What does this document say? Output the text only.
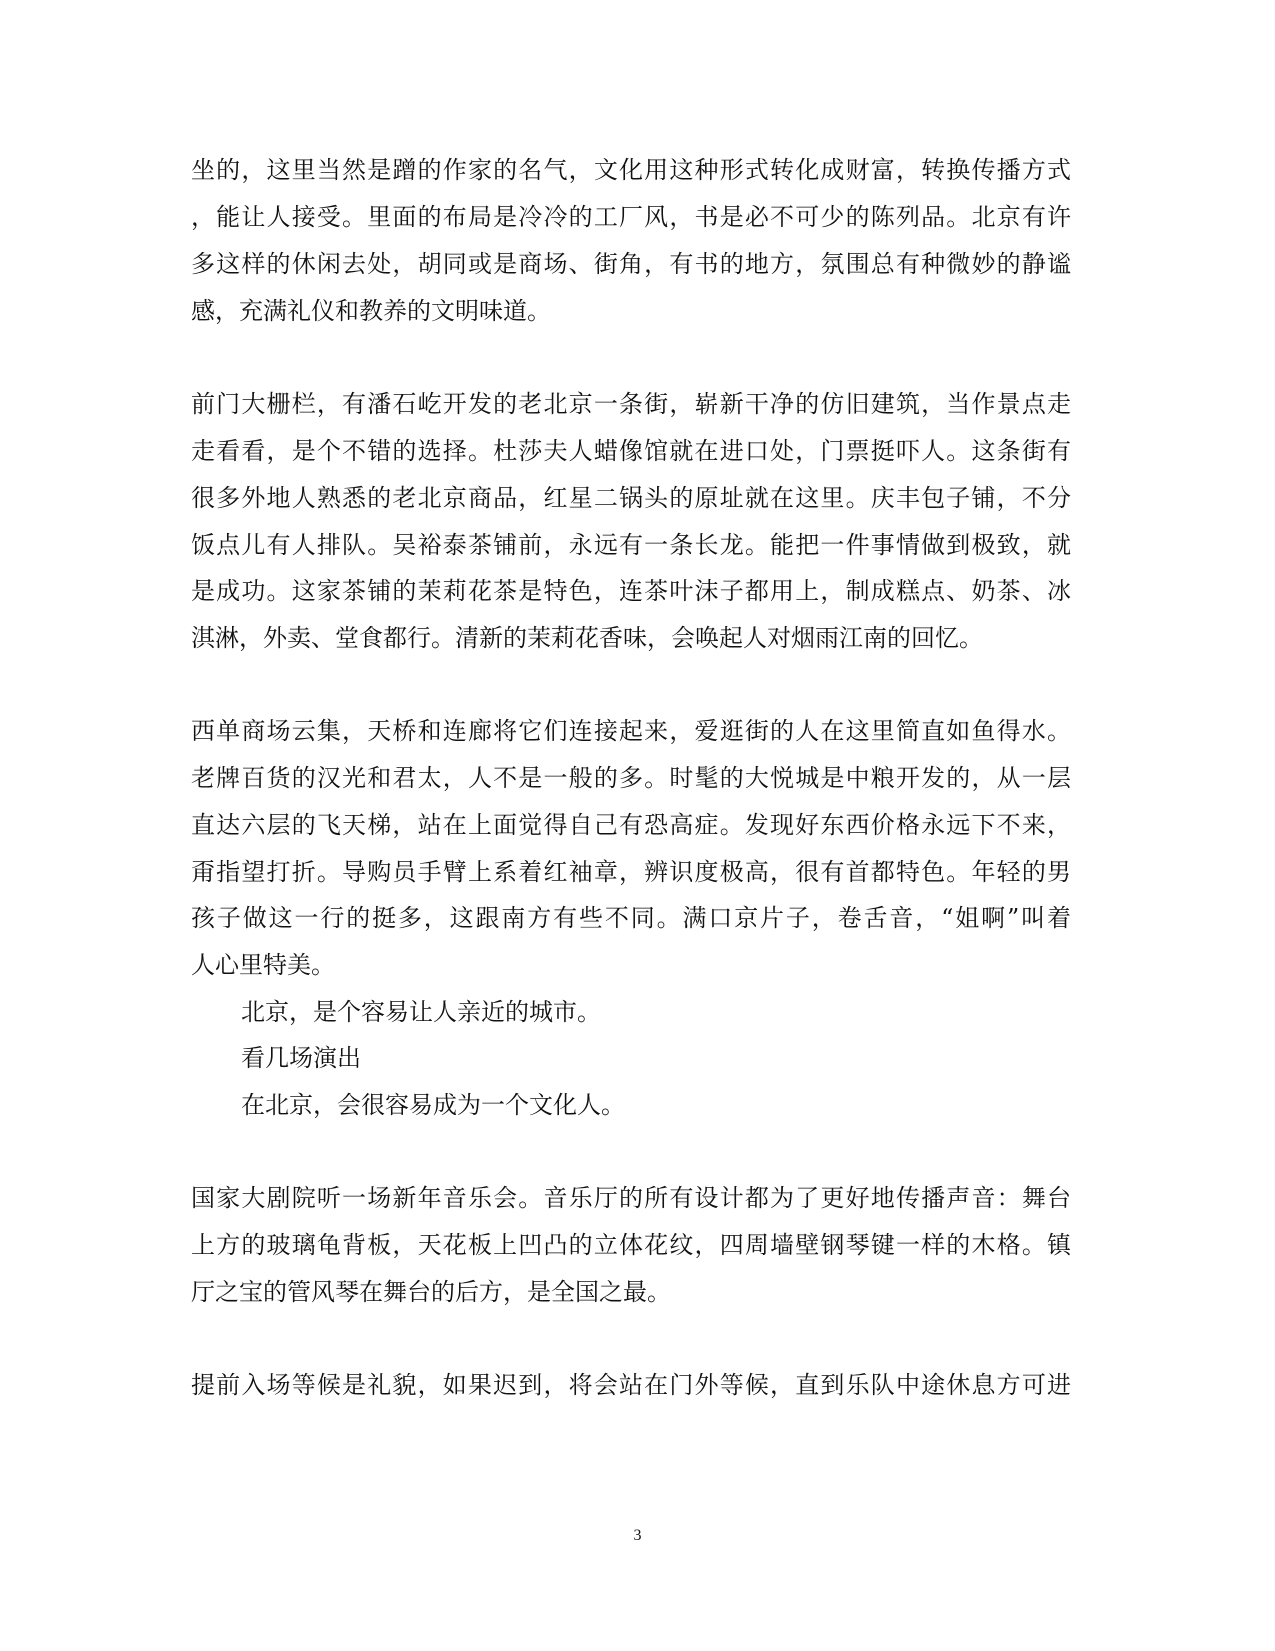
坐的，这里当然是蹭的作家的名气，文化用这种形式转化成财富，转换传播方式
，能让人接受。里面的布局是冷冷的工厂风，书是必不可少的陈列品。北京有许
多这样的休闲去处，胡同或是商场、街角，有书的地方，氛围总有种微妙的静谧
感，充满礼仪和教养的文明味道。
前门大栅栏，有潘石屹开发的老北京一条街，崭新干净的仿旧建筑，当作景点走
走看看，是个不错的选择。杜莎夫人蜡像馆就在进口处，门票挺吓人。这条街有
很多外地人熟悉的老北京商品，红星二锅头的原址就在这里。庆丰包子铺，不分
饭点儿有人排队。吴裕泰茶铺前，永远有一条长龙。能把一件事情做到极致，就
是成功。这家茶铺的茉莉花茶是特色，连茶叶沫子都用上，制成糕点、奶茶、冰
淇淋，外卖、堂食都行。清新的茉莉花香味，会唤起人对烟雨江南的回忆。
西单商场云集，天桥和连廊将它们连接起来，爱逛街的人在这里简直如鱼得水。
老牌百货的汉光和君太，人不是一般的多。时髦的大悦城是中粮开发的，从一层
直达六层的飞天梯，站在上面觉得自己有恐高症。发现好东西价格永远下不来，
甭指望打折。导购员手臂上系着红袖章，辨识度极高，很有首都特色。年轻的男
孩子做这一行的挺多，这跟南方有些不同。满口京片子，卷舌音，“姐啊”叫着
人心里特美。
北京，是个容易让人亲近的城市。
看几场演出
在北京，会很容易成为一个文化人。
国家大剧院听一场新年音乐会。音乐厅的所有设计都为了更好地传播声音：舞台
上方的玻璃龟背板，天花板上凹凸的立体花纹，四周墙壁钢琴键一样的木格。镇
厅之宝的管风琴在舞台的后方，是全国之最。
提前入场等候是礼貌，如果迟到，将会站在门外等候，直到乐队中途休息方可进
3
